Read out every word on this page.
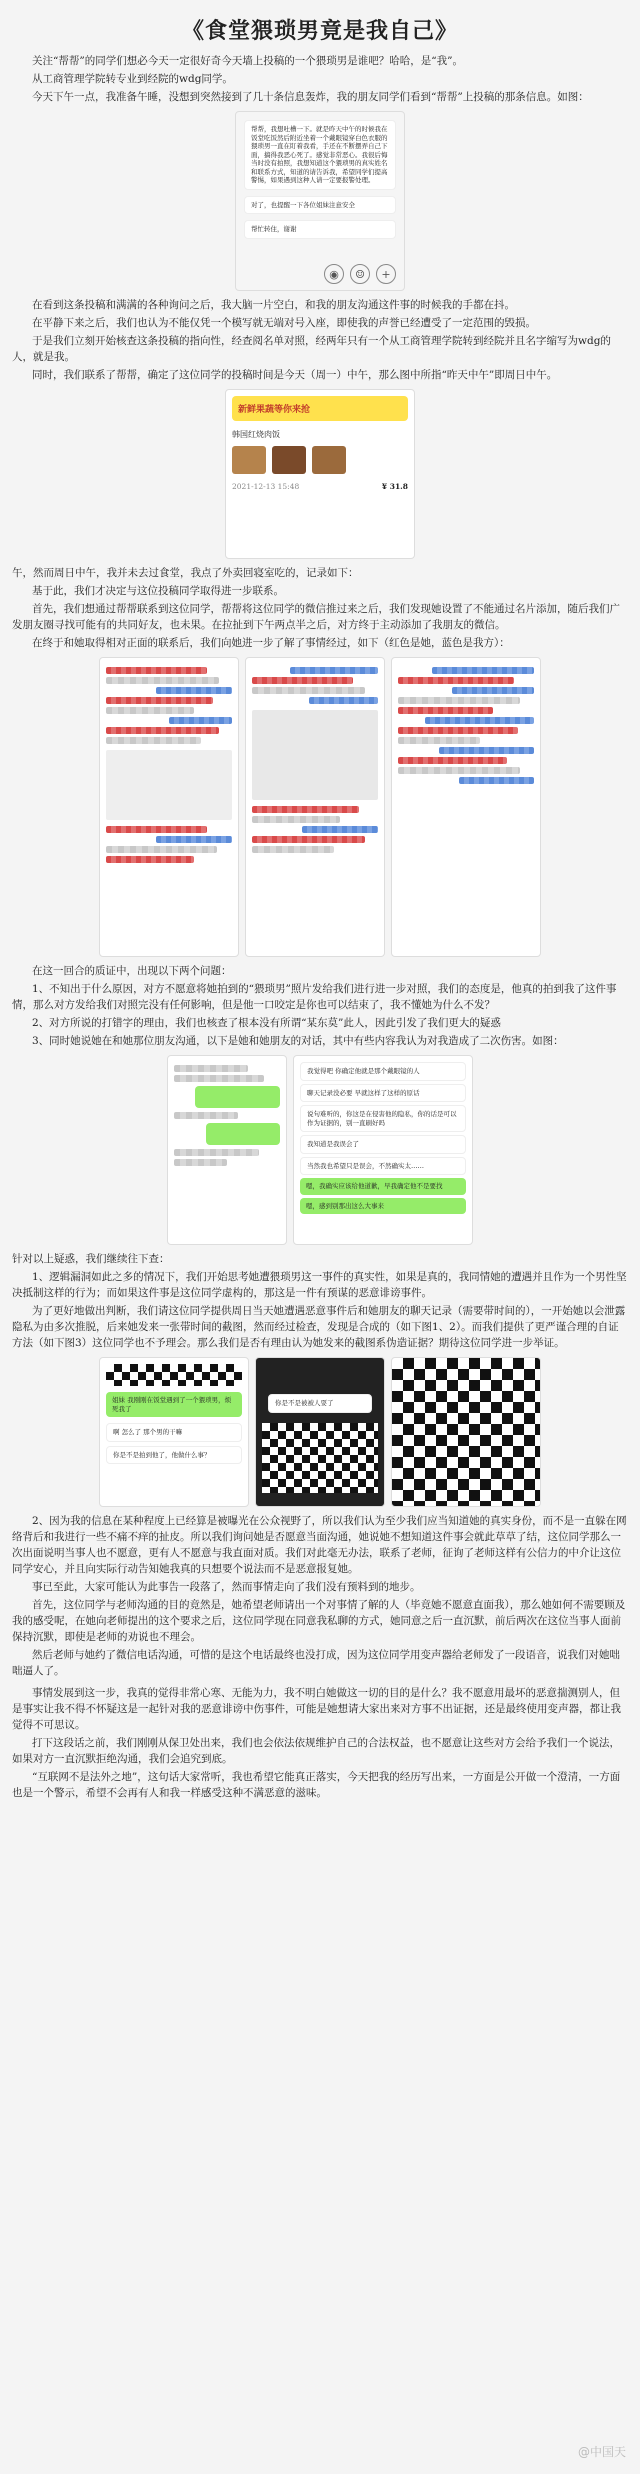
《食堂猥琐男竟是我自己》

关注“帮帮”的同学们想必今天一定很好奇今天墙上投稿的一个猥琐男是谁吧？哈哈，是“我”。

从工商管理学院转专业到经院的wdg同学。

今天下午一点，我准备午睡，没想到突然接到了几十条信息轰炸，我的朋友同学们看到“帮帮”上投稿的那条信息。如图：

帮帮，我想吐槽一下。就是昨天中午的时候我在饭堂吃饭然后附近坐着一个戴眼镜穿白色衣服的猥琐男一直在盯着我看，手还在不断摆弄自己下面，搞得我恶心死了。感觉非常恶心。我很后悔当时没有拍照，我想知道这个猥琐男的真实姓名和联系方式，知道的请告诉我，希望同学们提高警惕，如果遇到这种人请一定要报警处理。
对了，也提醒一下各位姐妹注意安全
帮忙转住，谢谢
◉	☺	+

在看到这条投稿和满满的各种询问之后，我大脑一片空白，和我的朋友沟通这件事的时候我的手都在抖。

在平静下来之后，我们也认为不能仅凭一个模写就无端对号入座，即使我的声誉已经遭受了一定范围的毁损。

于是我们立刻开始核查这条投稿的指向性，经查阅名单对照，经两年只有一个从工商管理学院转到经院并且名字缩写为wdg的人，就是我。

同时，我们联系了帮帮，确定了这位同学的投稿时间是今天（周一）中午，那么图中所指“昨天中午”即周日中午。

新鲜果蔬等你来抢
韩国红烧肉饭
2021-12-13 15:48	¥ 31.8

午，然而周日中午，我并未去过食堂，我点了外卖回寝室吃的，记录如下：

基于此，我们才决定与这位投稿同学取得进一步联系。

首先，我们想通过帮帮联系到这位同学，帮帮将这位同学的微信推过来之后，我们发现她设置了不能通过名片添加，随后我们广发朋友圈寻找可能有的共同好友，也未果。在拉扯到下午两点半之后，对方终于主动添加了我朋友的微信。

在终于和她取得相对正面的联系后，我们向她进一步了解了事情经过，如下（红色是她，蓝色是我方）：

在这一回合的质证中，出现以下两个问题：

1、不知出于什么原因，对方不愿意将她拍到的“猥琐男”照片发给我们进行进一步对照，我们的态度是，他真的拍到我了这件事情，那么对方发给我们对照完没有任何影响，但是他一口咬定是你也可以结束了，我不懂她为什么不发？

2、对方所说的打错字的理由，我们也核查了根本没有所谓“某东莫”此人，因此引发了我们更大的疑惑

3、同时她说她在和她那位朋友沟通，以下是她和她朋友的对话，其中有些内容我认为对我造成了二次伤害。如图：

我觉得吧 你确定他就是那个戴眼镜的人
聊天记录没必要 早就这样了这样的原话
说句难听的，你这是在侵害他的隐私，你的话是可以作为证据的，别一直刷好吗
我知道是我误会了
当然我也希望只是误会，不然确实太……
嗯，我确实应该给他道歉，早我确定他不是要找
嗯，感到别那出这么大事来

针对以上疑惑，我们继续往下查：

1、逻辑漏洞如此之多的情况下，我们开始思考她遭猥琐男这一事件的真实性，如果是真的，我同情她的遭遇并且作为一个男性坚决抵制这样的行为；而如果这件事是这位同学虚构的，那这是一件有预谋的恶意诽谤事件。

为了更好地做出判断，我们请这位同学提供周日当天她遭遇恶意事件后和她朋友的聊天记录（需要带时间的），一开始她以会泄露隐私为由多次推脱，后来她发来一张带时间的截图，然而经过检查，发现是合成的（如下图1、2）。而我们提供了更严谨合理的自证方法（如下图3）这位同学也不予理会。那么我们是否有理由认为她发来的截图系伪造证据？期待这位同学进一步举证。

姐妹 我刚刚在饭堂遇到了一个猥琐男，烦死我了
啊 怎么了 那个男的干嘛
你是不是拍到他了，他做什么事？
你是不是被被人耍了

2、因为我的信息在某种程度上已经算是被曝光在公众视野了，所以我们认为至少我们应当知道她的真实身份，而不是一直躲在网络背后和我进行一些不痛不痒的扯皮。所以我们询问她是否愿意当面沟通，她说她不想知道这件事会就此草草了结，这位同学那么一次出面说明当事人也不愿意，更有人不愿意与我直面对质。我们对此毫无办法，联系了老师，征询了老师这样有公信力的中介让这位同学安心，并且向实际行动告知她我真的只想要个说法而不是恶意报复她。

事已至此，大家可能认为此事告一段落了，然而事情走向了我们没有预料到的地步。

首先，这位同学与老师沟通的目的竟然是，她希望老师请出一个对事情了解的人（毕竟她不愿意直面我），那么她如何不需要顾及我的感受呢，在她向老师提出的这个要求之后，这位同学现在同意我私聊的方式，她同意之后一直沉默，前后两次在这位当事人面前保持沉默，即使是老师的劝说也不理会。

然后老师与她约了微信电话沟通，可惜的是这个电话最终也没打成，因为这位同学用变声器给老师发了一段语音，说我们对她咄咄逼人了。

事情发展到这一步，我真的觉得非常心寒、无能为力，我不明白她做这一切的目的是什么？我不愿意用最坏的恶意揣测别人，但是事实让我不得不怀疑这是一起针对我的恶意诽谤中伤事件，可能是她想请大家出来对方事不出证据，还是最终使用变声器，都让我觉得不可思议。

打下这段话之前，我们刚刚从保卫处出来，我们也会依法依规维护自己的合法权益，也不愿意让这些对方会给予我们一个说法，如果对方一直沉默拒绝沟通，我们会追究到底。

“互联网不是法外之地”，这句话大家常听，我也希望它能真正落实，今天把我的经历写出来，一方面是公开做一个澄清，一方面也是一个警示，希望不会再有人和我一样感受这种不满恶意的滋味。

@中国天
